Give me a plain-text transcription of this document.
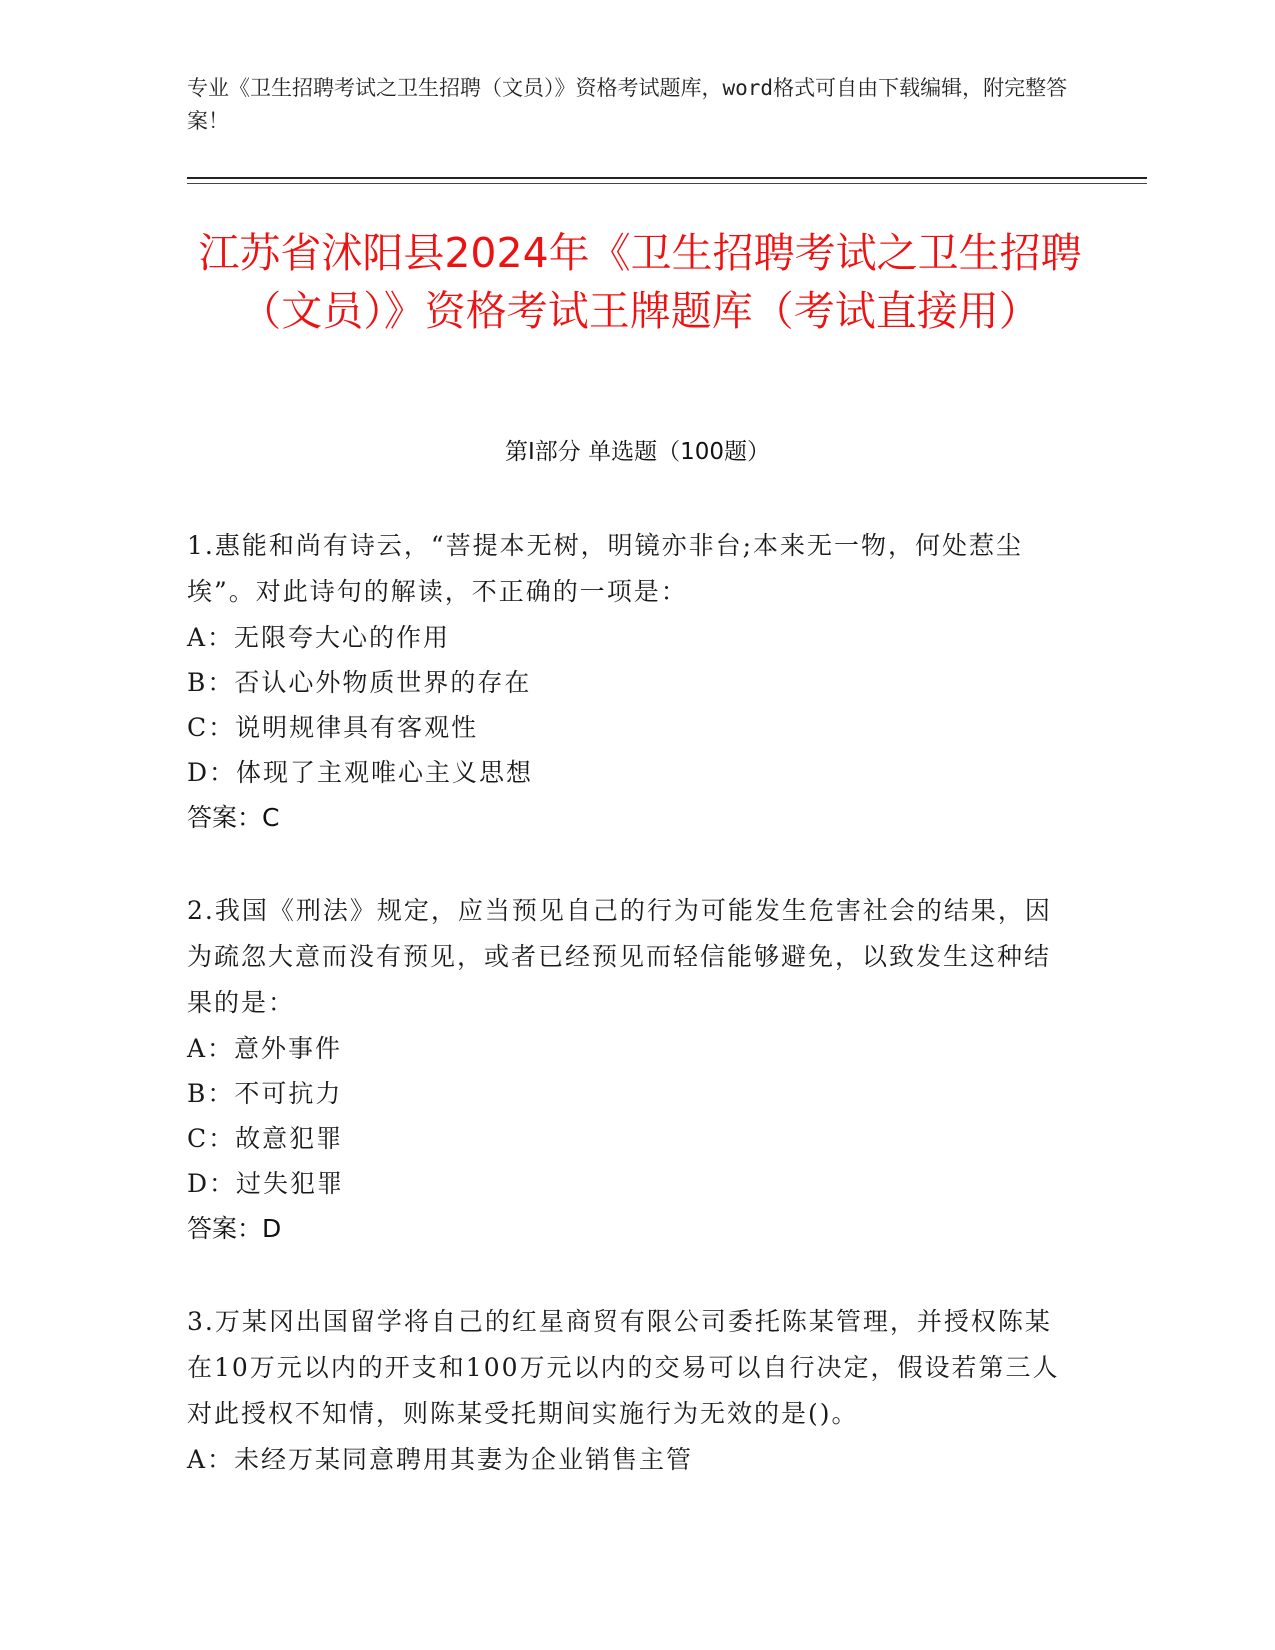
专业《卫生招聘考试之卫生招聘（文员）》资格考试题库，word格式可自由下载编辑，附完整答案！
江苏省沭阳县2024年《卫生招聘考试之卫生招聘（文员）》资格考试王牌题库（考试直接用）
第Ⅰ部分 单选题（100题）
1.惠能和尚有诗云，“菩提本无树，明镜亦非台;本来无一物，何处惹尘埃”。对此诗句的解读，不正确的一项是：
A：无限夸大心的作用
B：否认心外物质世界的存在
C：说明规律具有客观性
D：体现了主观唯心主义思想
答案：C
2.我国《刑法》规定，应当预见自己的行为可能发生危害社会的结果，因为疏忽大意而没有预见，或者已经预见而轻信能够避免，以致发生这种结果的是：
A：意外事件
B：不可抗力
C：故意犯罪
D：过失犯罪
答案：D
3.万某冈出国留学将自己的红星商贸有限公司委托陈某管理，并授权陈某在10万元以内的开支和100万元以内的交易可以自行决定，假设若第三人对此授权不知情，则陈某受托期间实施行为无效的是()。
A：未经万某同意聘用其妻为企业销售主管
